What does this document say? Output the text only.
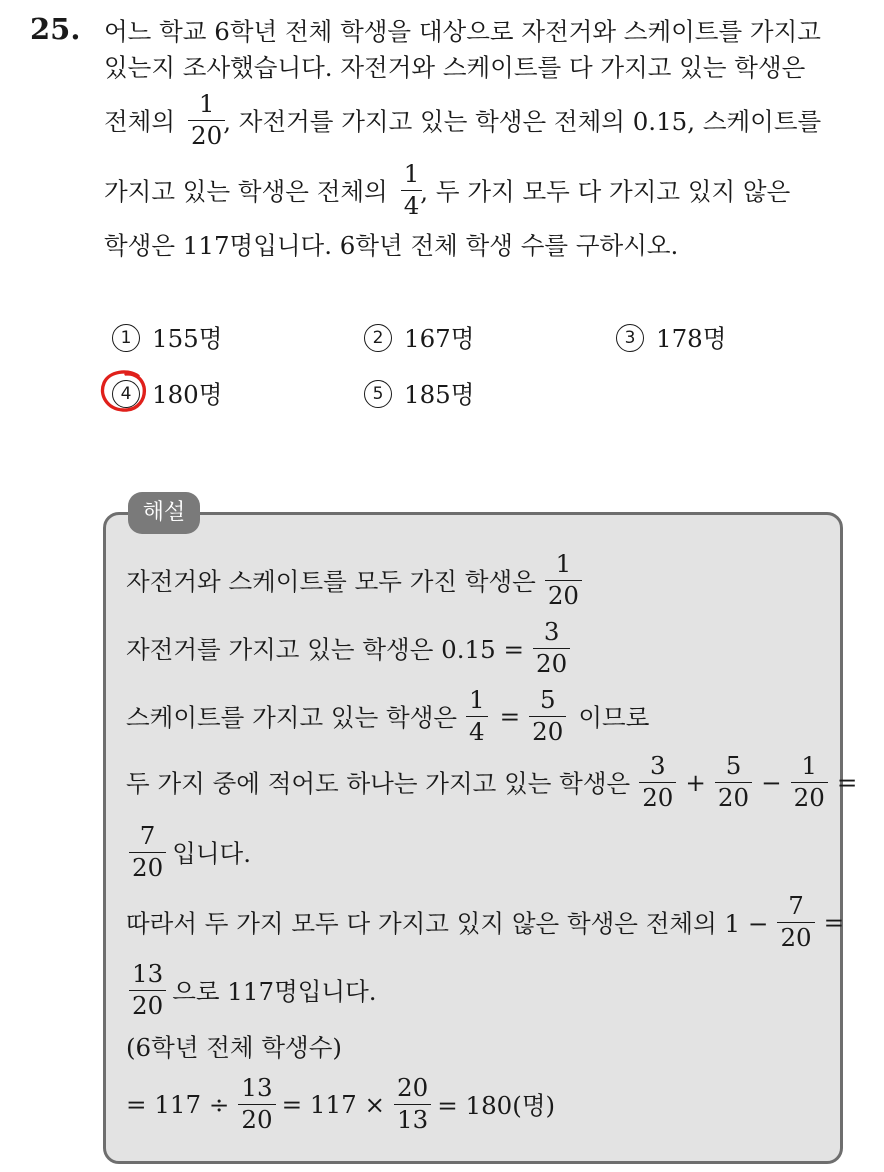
25. 어느 학교 6학년 전체 학생을 대상으로 자전거와 스케이트를 가지고
있는지 조사했습니다. 자전거와 스케이트를 다 가지고 있는 학생은
전체의 $\frac{1}{20}$
, 자전거를 가지고 있는 학생은 전체의 0.15, 스케이트를
가지고 있는 학생은 전체의 $\frac{1}{4}$
, 두 가지 모두 다 가지고 있지 않은
학생은 117명입니다. 6학년 전체 학생 수를 구하시오.
1 155명	2 167명	3 178명
4 180명	5 185명
해설
자전거와 스케이트를 모두 가진 학생은 $\frac{1}{20}$
자전거를 가지고 있는 학생은 $0.15 = \frac{3}{20}$
스케이트를 가지고 있는 학생은 $\frac{1}{4} = \frac{5}{20}$ 이므로
두 가지 중에 적어도 하나는 가지고 있는 학생은 $\frac{3}{20} + \frac{5}{20} - \frac{1}{20}$ =
$\frac{7}{20}$ 입니다.
따라서 두 가지 모두 다 가지고 있지 않은 학생은 전체의 $1 - \frac{7}{20}$ =
$\frac{13}{20}$ 으로 117명입니다.
(6학년 전체 학생수)
= $117 \div \frac{13}{20} = 117 \times \frac{20}{13} = 180$(명)
